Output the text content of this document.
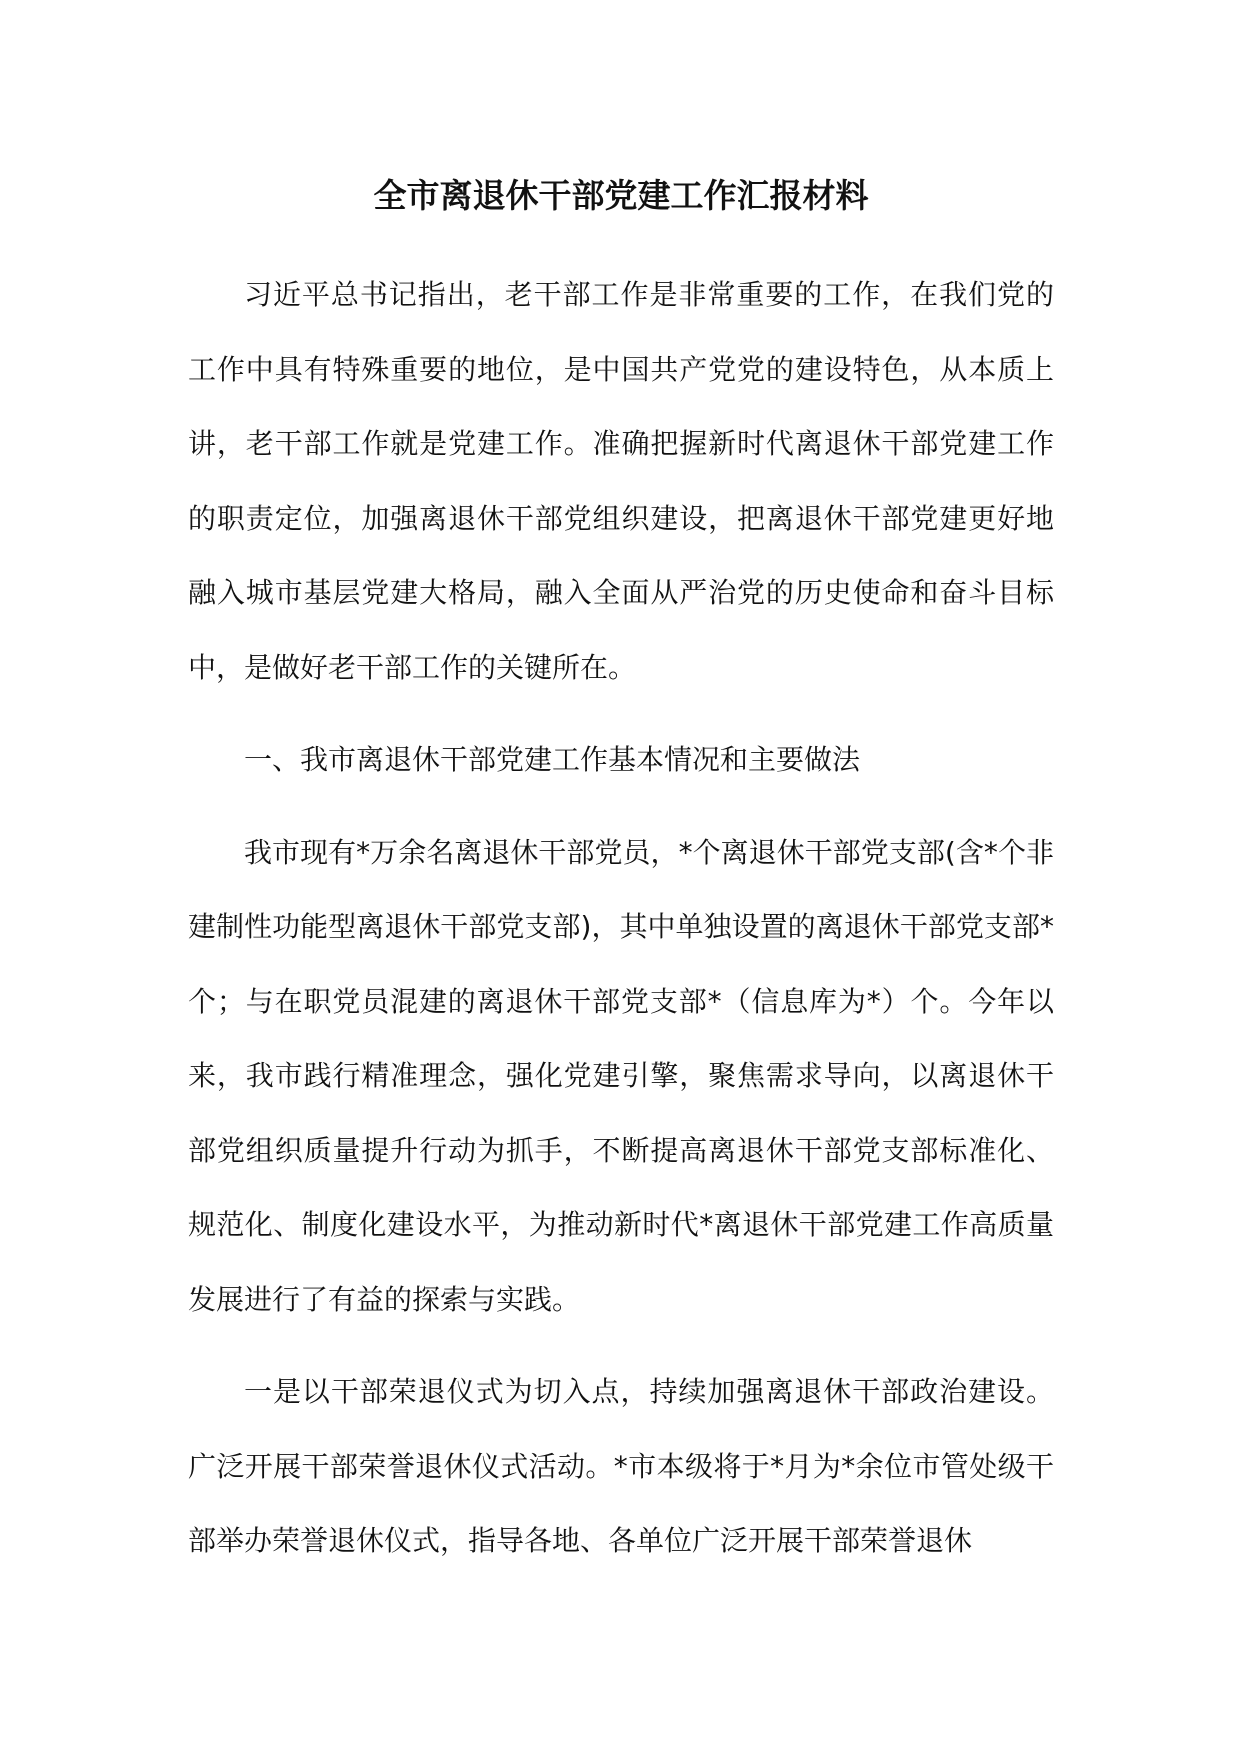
全市离退休干部党建工作汇报材料

习近平总书记指出，老干部工作是非常重要的工作，在我们党的工作中具有特殊重要的地位，是中国共产党党的建设特色，从本质上讲，老干部工作就是党建工作。准确把握新时代离退休干部党建工作的职责定位，加强离退休干部党组织建设，把离退休干部党建更好地融入城市基层党建大格局，融入全面从严治党的历史使命和奋斗目标中，是做好老干部工作的关键所在。

一、我市离退休干部党建工作基本情况和主要做法

我市现有*万余名离退休干部党员，*个离退休干部党支部(含*个非建制性功能型离退休干部党支部)，其中单独设置的离退休干部党支部*个；与在职党员混建的离退休干部党支部*（信息库为*）个。今年以来，我市践行精准理念，强化党建引擎，聚焦需求导向，以离退休干部党组织质量提升行动为抓手，不断提高离退休干部党支部标准化、规范化、制度化建设水平，为推动新时代*离退休干部党建工作高质量发展进行了有益的探索与实践。

一是以干部荣退仪式为切入点，持续加强离退休干部政治建设。广泛开展干部荣誉退休仪式活动。*市本级将于*月为*余位市管处级干部举办荣誉退休仪式，指导各地、各单位广泛开展干部荣誉退休
